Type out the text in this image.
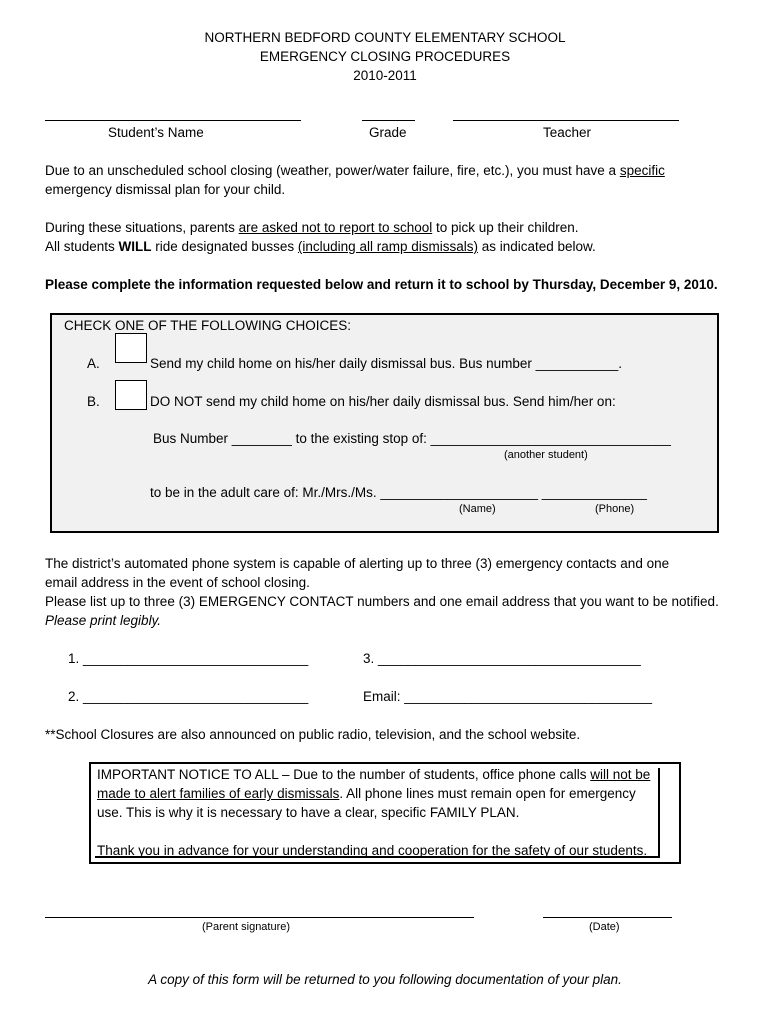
NORTHERN BEDFORD COUNTY ELEMENTARY SCHOOL
EMERGENCY CLOSING PROCEDURES
2010-2011
Student’s Name	Grade	Teacher
Due to an unscheduled school closing (weather, power/water failure, fire, etc.), you must have a specific
emergency dismissal plan for your child.
During these situations, parents are asked not to report to school to pick up their children.
All students WILL ride designated busses (including all ramp dismissals) as indicated below.
Please complete the information requested below and return it to school by Thursday, December 9, 2010.
CHECK ONE OF THE FOLLOWING CHOICES:
A.	Send my child home on his/her daily dismissal bus. Bus number ___________.
B.	DO NOT send my child home on his/her daily dismissal bus. Send him/her on:
Bus Number ________ to the existing stop of: ________________________________
(another student)
to be in the adult care of: Mr./Mrs./Ms. _____________________ ______________
(Name)	(Phone)
The district’s automated phone system is capable of alerting up to three (3) emergency contacts and one
email address in the event of school closing.
Please list up to three (3) EMERGENCY CONTACT numbers and one email address that you want to be notified.
Please print legibly.
1. ______________________________	3. ___________________________________
2. ______________________________	Email: _________________________________
**School Closures are also announced on public radio, television, and the school website.
IMPORTANT NOTICE TO ALL – Due to the number of students, office phone calls will not be
made to alert families of early dismissals. All phone lines must remain open for emergency
use. This is why it is necessary to have a clear, specific FAMILY PLAN.
Thank you in advance for your understanding and cooperation for the safety of our students.
(Parent signature)	(Date)
A copy of this form will be returned to you following documentation of your plan.
